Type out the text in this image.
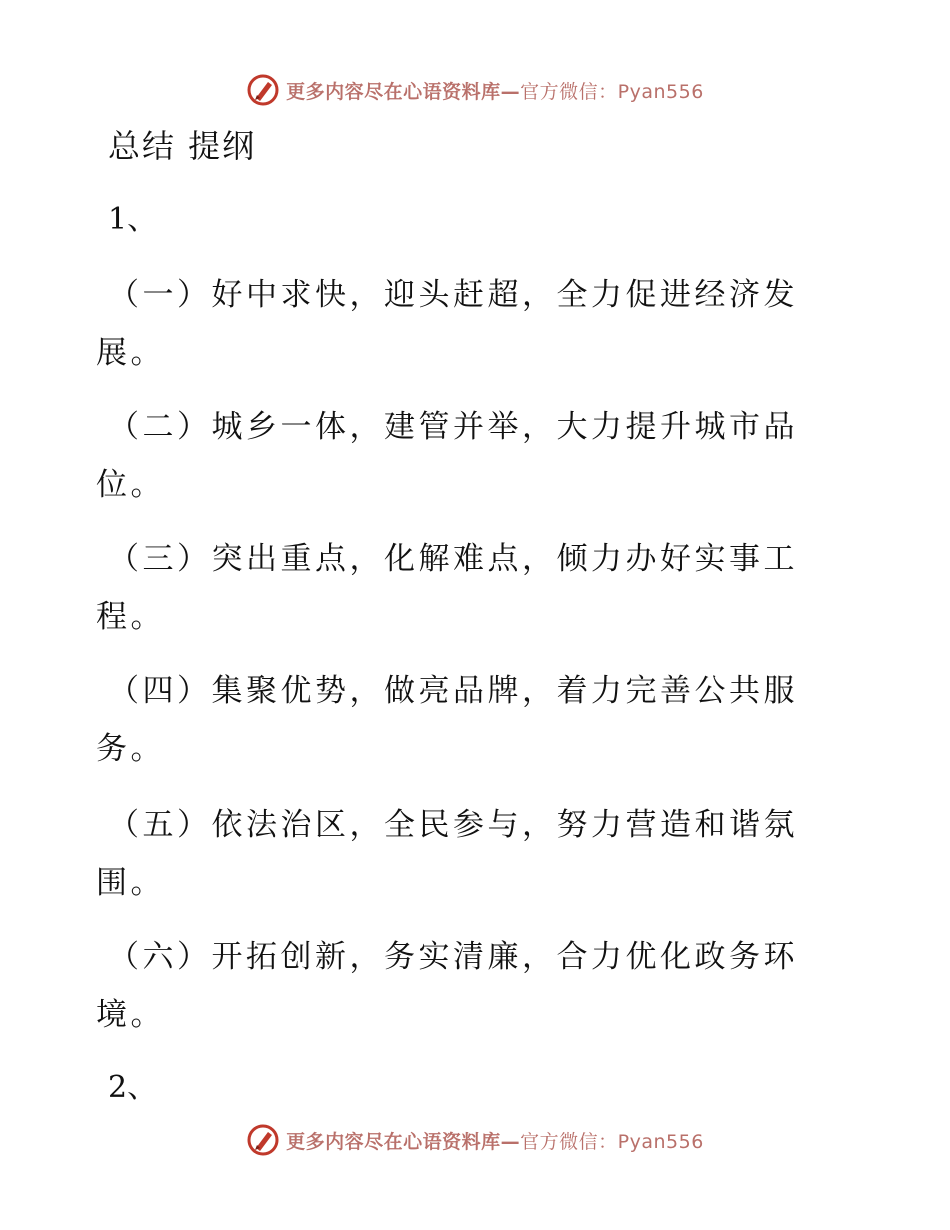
更多内容尽在心语资料库—官方微信：Pyan556
总结 提纲
1、
（一）好中求快，迎头赶超，全力促进经济发展。
（二）城乡一体，建管并举，大力提升城市品位。
（三）突出重点，化解难点，倾力办好实事工程。
（四）集聚优势，做亮品牌，着力完善公共服务。
（五）依法治区，全民参与，努力营造和谐氛围。
（六）开拓创新，务实清廉，合力优化政务环境。
2、
更多内容尽在心语资料库—官方微信：Pyan556
